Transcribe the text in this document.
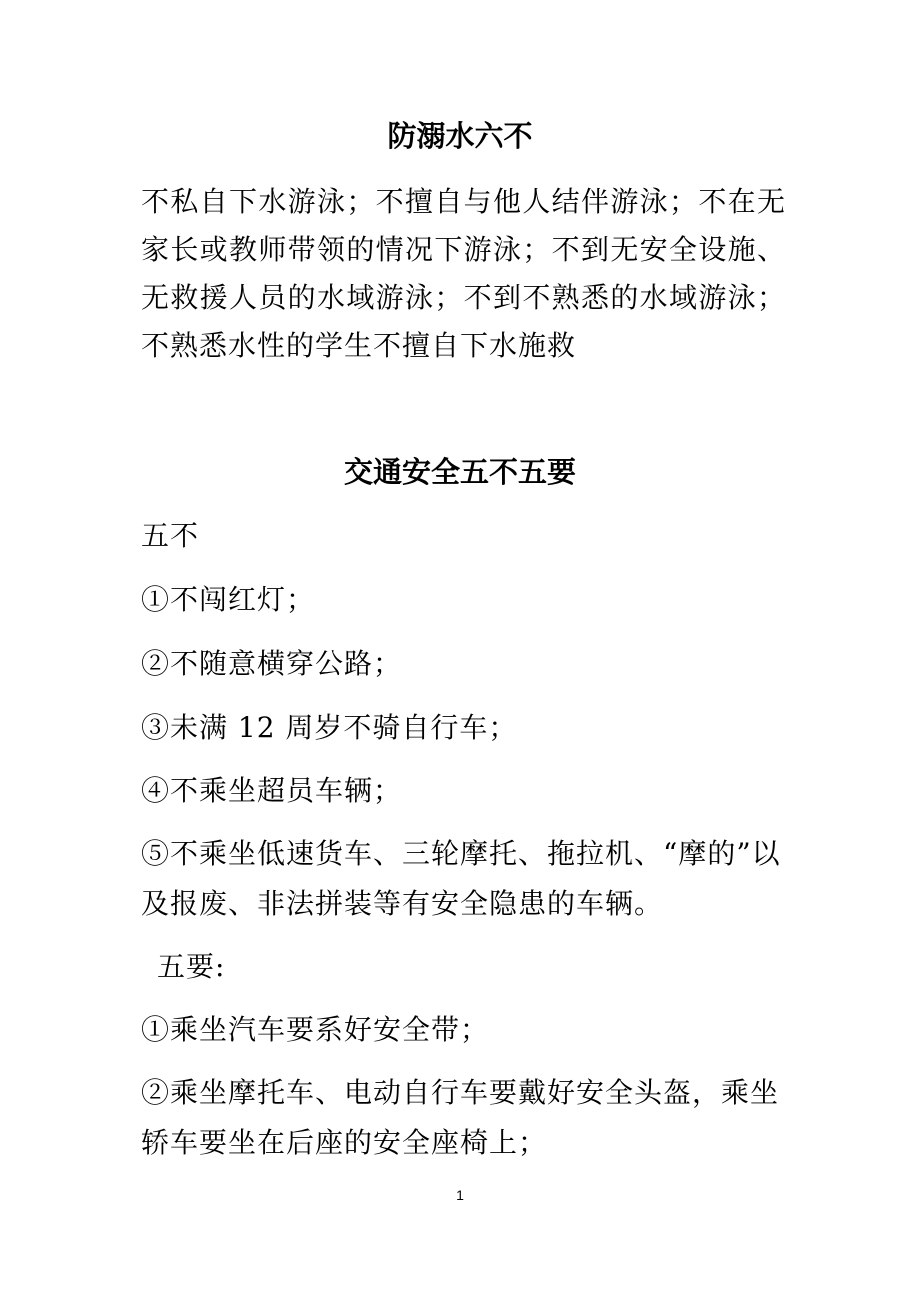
防溺水六不
不私自下水游泳；不擅自与他人结伴游泳；不在无家长或教师带领的情况下游泳；不到无安全设施、无救援人员的水域游泳；不到不熟悉的水域游泳；不熟悉水性的学生不擅自下水施救
交通安全五不五要
五不
①不闯红灯；
②不随意横穿公路；
③未满 12 周岁不骑自行车；
④不乘坐超员车辆；
⑤不乘坐低速货车、三轮摩托、拖拉机、“摩的”以及报废、非法拼装等有安全隐患的车辆。
五要:
①乘坐汽车要系好安全带；
②乘坐摩托车、电动自行车要戴好安全头盔，乘坐轿车要坐在后座的安全座椅上；
1
